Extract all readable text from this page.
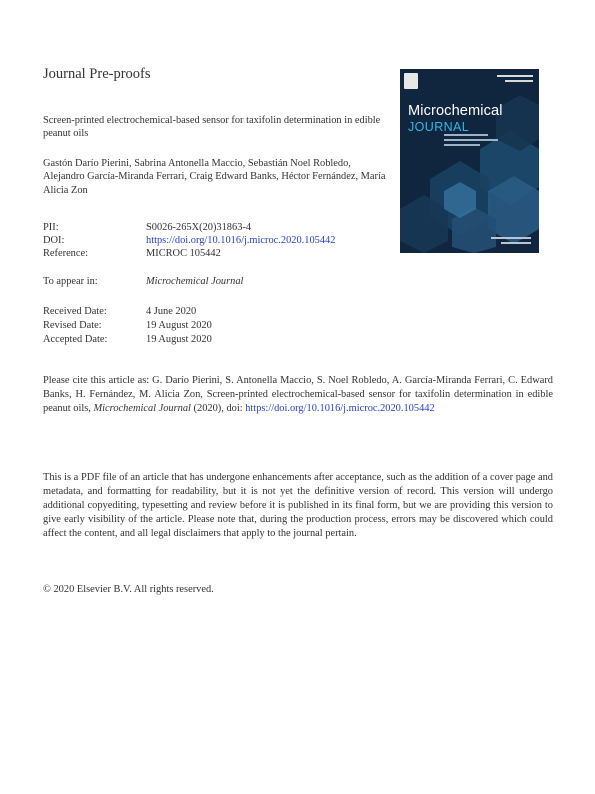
Journal Pre-proofs
Microchemical
JOURNAL
Screen-printed electrochemical-based sensor for taxifolin determination in edible peanut oils
Gastón Darío Pierini, Sabrina Antonella Maccio, Sebastián Noel Robledo, Alejandro García-Miranda Ferrari, Craig Edward Banks, Héctor Fernández, María Alicia Zon
PII:	S0026-265X(20)31863-4
DOI:	https://doi.org/10.1016/j.microc.2020.105442
Reference:	MICROC 105442
To appear in:	Microchemical Journal
Received Date:	4 June 2020
Revised Date:	19 August 2020
Accepted Date:	19 August 2020
Please cite this article as: G. Darío Pierini, S. Antonella Maccio, S. Noel Robledo, A. García-Miranda Ferrari, C. Edward Banks, H. Fernández, M. Alicia Zon, Screen-printed electrochemical-based sensor for taxifolin determination in edible peanut oils, Microchemical Journal (2020), doi: https://doi.org/10.1016/j.microc.2020.105442
This is a PDF file of an article that has undergone enhancements after acceptance, such as the addition of a cover page and metadata, and formatting for readability, but it is not yet the definitive version of record. This version will undergo additional copyediting, typesetting and review before it is published in its final form, but we are providing this version to give early visibility of the article. Please note that, during the production process, errors may be discovered which could affect the content, and all legal disclaimers that apply to the journal pertain.
© 2020 Elsevier B.V. All rights reserved.
